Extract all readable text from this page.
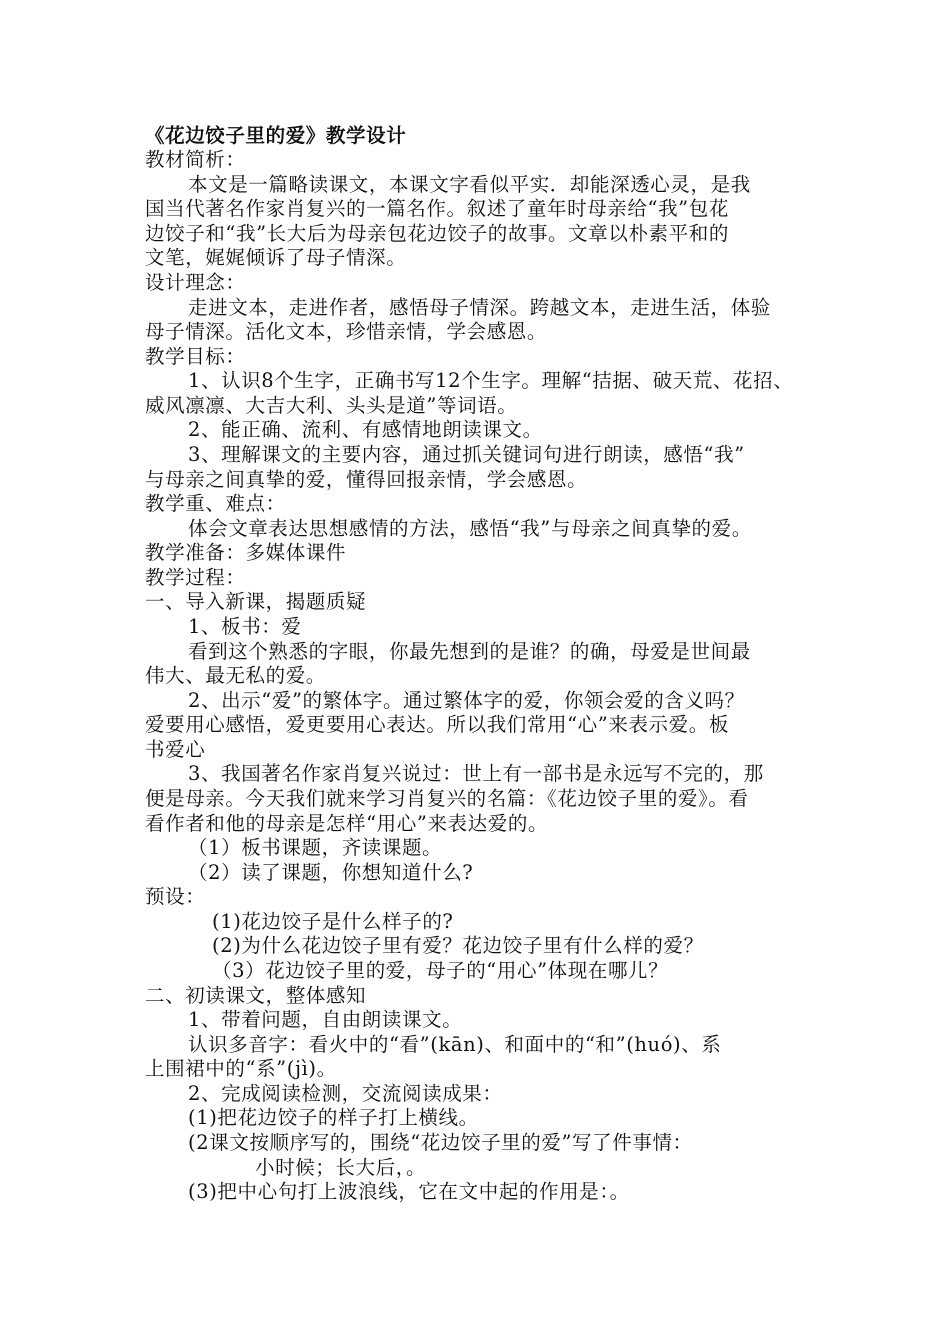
《花边饺子里的爱》教学设计
教材简析：
本文是一篇略读课文，本课文字看似平实．却能深透心灵，是我
国当代著名作家肖复兴的一篇名作。叙述了童年时母亲给“我”包花
边饺子和“我”长大后为母亲包花边饺子的故事。文章以朴素平和的
文笔，娓娓倾诉了母子情深。
设计理念：
走进文本，走进作者，感悟母子情深。跨越文本，走进生活，体验
母子情深。活化文本，珍惜亲情，学会感恩。
教学目标：
1、认识8个生字，正确书写12个生字。理解“拮据、破天荒、花招、
威风凛凛、大吉大利、头头是道”等词语。
2、能正确、流利、有感情地朗读课文。
3、理解课文的主要内容，通过抓关键词句进行朗读，感悟“我”
与母亲之间真挚的爱，懂得回报亲情，学会感恩。
教学重、难点：
体会文章表达思想感情的方法，感悟“我”与母亲之间真挚的爱。
教学准备：多媒体课件
教学过程：
一、导入新课，揭题质疑
1、板书：爱
看到这个熟悉的字眼，你最先想到的是谁？的确，母爱是世间最
伟大、最无私的爱。
2、出示“爱”的繁体字。通过繁体字的爱，你领会爱的含义吗？
爱要用心感悟，爱更要用心表达。所以我们常用“心”来表示爱。板
书爱心
3、我国著名作家肖复兴说过：世上有一部书是永远写不完的，那
便是母亲。今天我们就来学习肖复兴的名篇：《花边饺子里的爱》。看
看作者和他的母亲是怎样“用心”来表达爱的。
（1）板书课题，齐读课题。
（2）读了课题，你想知道什么?
预设：
(1)花边饺子是什么样子的?
(2)为什么花边饺子里有爱？花边饺子里有什么样的爱？
（3）花边饺子里的爱，母子的“用心”体现在哪儿？
二、初读课文，整体感知
1、带着问题，自由朗读课文。
认识多音字：看火中的“看”(kān)、和面中的“和”(huó)、系
上围裙中的“系”(jì)。
2、完成阅读检测，交流阅读成果：
(1)把花边饺子的样子打上横线。
(2课文按顺序写的，围绕“花边饺子里的爱”写了件事情：
小时候；长大后，。
(3)把中心句打上波浪线，它在文中起的作用是：。
